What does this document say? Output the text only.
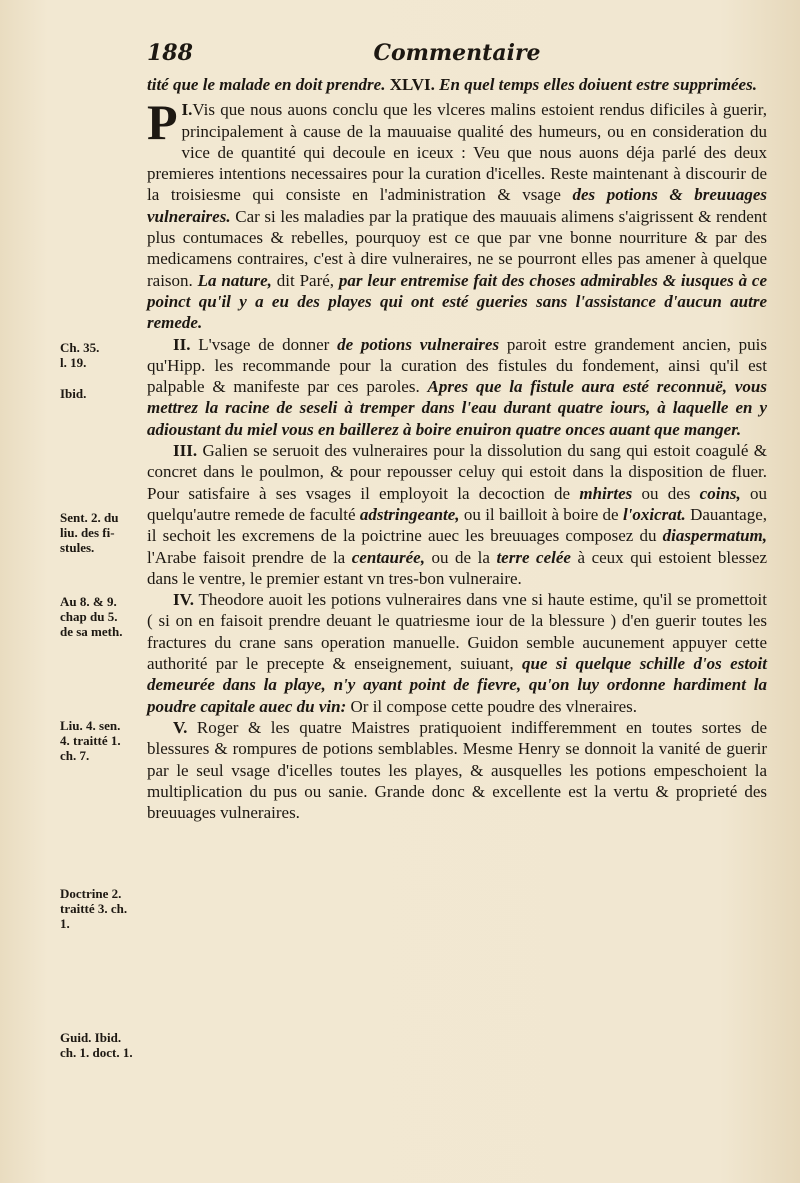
188	Commentaire
Ch. 35.
l. 19.
Ibid.
Sent. 2. du
liu. des fi-
stules.
Au 8. & 9.
chap du 5.
de sa meth.
Liu. 4. sen.
4. traitté 1.
ch. 7.
Doctrine 2.
traitté 3. ch.
1.
Guid. Ibid.
ch. 1. doct. 1.

tité que le malade en doit prendre. XLVI. En quel temps elles doiuent estre supprimées.

I.
P Vis que nous auons conclu que les vlceres malins estoient rendus dificiles à guerir, principalement à cause de la mauuaise qualité des humeurs, ou en consideration du vice de quantité qui decoule en iceux : Veu que nous auons déja parlé des deux premieres intentions necessaires pour la curation d'icelles. Reste maintenant à discourir de la troisiesme qui consiste en l'administration & vsage des potions & breuuages vulneraires. Car si les maladies par la pratique des mauuais alimens s'aigrissent & rendent plus contumaces & rebelles, pourquoy est ce que par vne bonne nourriture & par des medicamens contraires, c'est à dire vulneraires, ne se pourront elles pas amener à quelque raison. La nature, dit Paré, par leur entremise fait des choses admirables & iusques à ce poinct qu'il y a eu des playes qui ont esté gueries sans l'assistance d'aucun autre remede.

II. L'vsage de donner de potions vulneraires paroit estre grandement ancien, puis qu'Hipp. les recommande pour la curation des fistules du fondement, ainsi qu'il est palpable & manifeste par ces paroles. Apres que la fistule aura esté reconnuë, vous mettrez la racine de seseli à tremper dans l'eau durant quatre iours, à laquelle en y adioustant du miel vous en baillerez à boire enuiron quatre onces auant que manger.

III. Galien se seruoit des vulneraires pour la dissolution du sang qui estoit coagulé & concret dans le poulmon, & pour repousser celuy qui estoit dans la disposition de fluer. Pour satisfaire à ses vsages il employoit la decoction de mhirtes ou des coins, ou quelqu'autre remede de faculté adstringeante, ou il bailloit à boire de l'oxicrat. Dauantage, il sechoit les excremens de la poictrine auec les breuuages composez du diaspermatum, l'Arabe faisoit prendre de la centaurée, ou de la terre celée à ceux qui estoient blessez dans le ventre, le premier estant vn tres-bon vulneraire.

IV. Theodore auoit les potions vulneraires dans vne si haute estime, qu'il se promettoit ( si on en faisoit prendre deuant le quatriesme iour de la blessure ) d'en guerir toutes les fractures du crane sans operation manuelle. Guidon semble aucunement appuyer cette authorité par le precepte & enseignement, suiuant, que si quelque schille d'os estoit demeurée dans la playe, n'y ayant point de fievre, qu'on luy ordonne hardiment la poudre capitale auec du vin: Or il compose cette poudre des vlneraires.

V. Roger & les quatre Maistres pratiquoient indifferemment en toutes sortes de blessures & rompures de potions semblables. Mesme Henry se donnoit la vanité de guerir par le seul vsage d'icelles toutes les playes, & ausquelles les potions empeschoient la multiplication du pus ou sanie. Grande donc & excellente est la vertu & proprieté des breuuages vulneraires.
